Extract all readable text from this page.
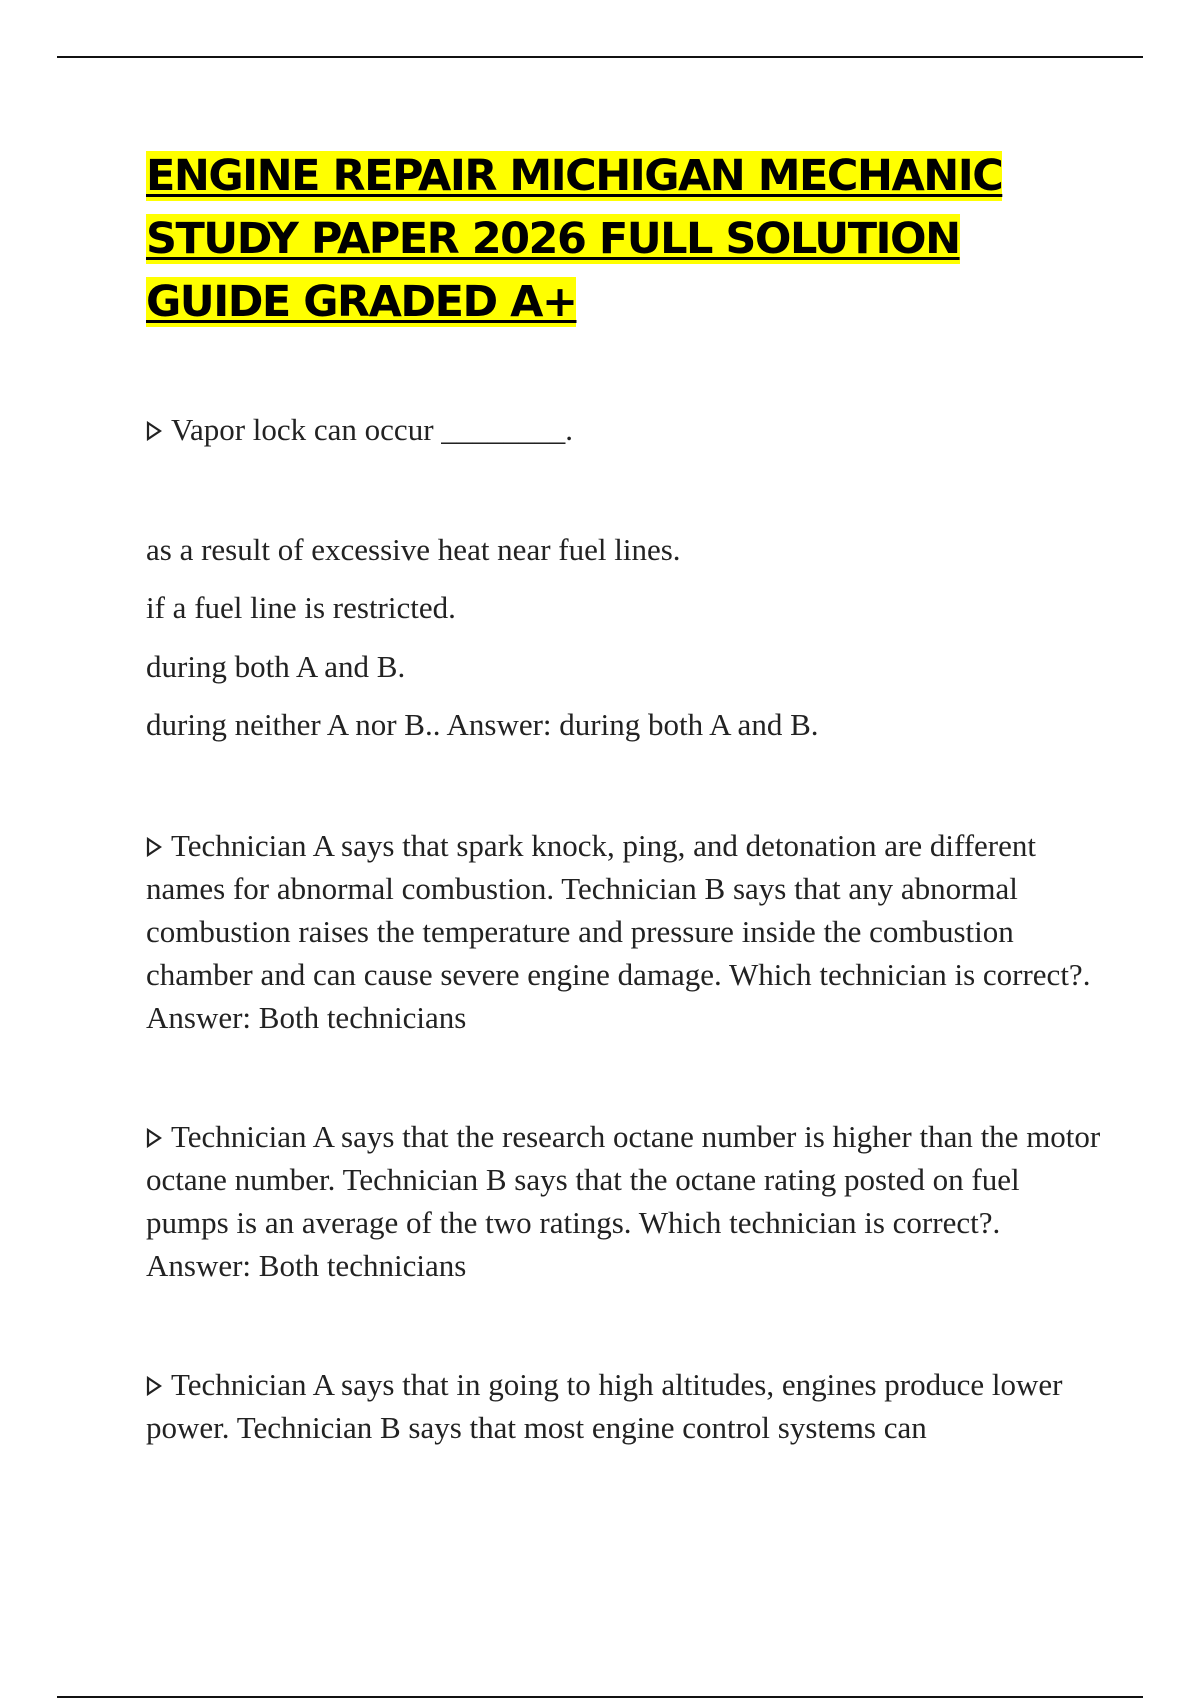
ENGINE REPAIR MICHIGAN MECHANIC
STUDY PAPER 2026 FULL SOLUTION
GUIDE GRADED A+

Vapor lock can occur ________.

as a result of excessive heat near fuel lines.

if a fuel line is restricted.

during both A and B.

during neither A nor B.. Answer: during both A and B.

Technician A says that spark knock, ping, and detonation are different names for abnormal combustion. Technician B says that any abnormal combustion raises the temperature and pressure inside the combustion chamber and can cause severe engine damage. Which technician is correct?. Answer: Both technicians

Technician A says that the research octane number is higher than the motor octane number. Technician B says that the octane rating posted on fuel pumps is an average of the two ratings. Which technician is correct?. Answer: Both technicians

Technician A says that in going to high altitudes, engines produce lower power. Technician B says that most engine control systems can
